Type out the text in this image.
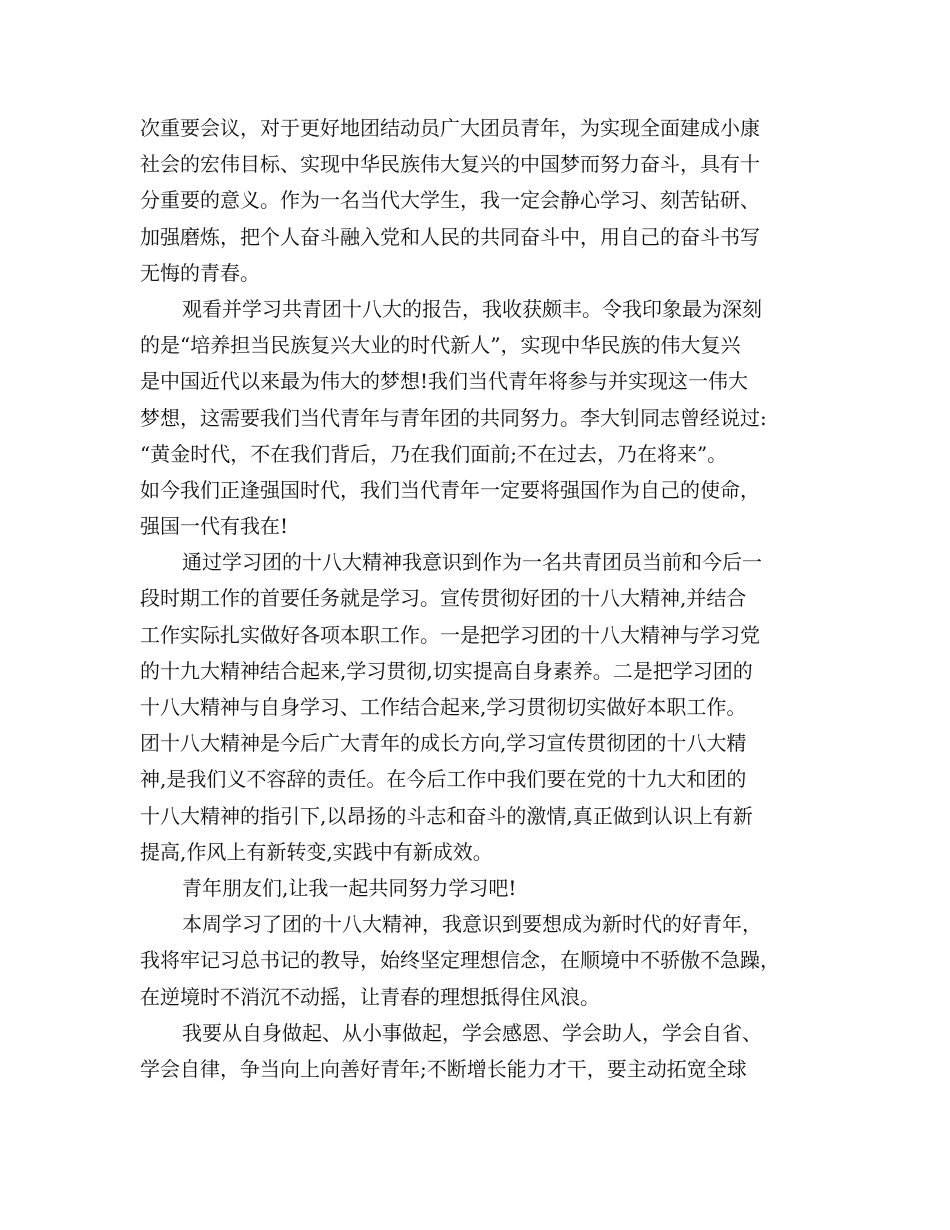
次重要会议，对于更好地团结动员广大团员青年，为实现全面建成小康
社会的宏伟目标、实现中华民族伟大复兴的中国梦而努力奋斗，具有十
分重要的意义。作为一名当代大学生，我一定会静心学习、刻苦钻研、
加强磨炼，把个人奋斗融入党和人民的共同奋斗中，用自己的奋斗书写
无悔的青春。
观看并学习共青团十八大的报告，我收获颇丰。令我印象最为深刻
的是“培养担当民族复兴大业的时代新人”，实现中华民族的伟大复兴
是中国近代以来最为伟大的梦想!我们当代青年将参与并实现这一伟大
梦想，这需要我们当代青年与青年团的共同努力。李大钊同志曾经说过:
“黄金时代，不在我们背后，乃在我们面前;不在过去，乃在将来”。
如今我们正逢强国时代，我们当代青年一定要将强国作为自己的使命，
强国一代有我在!
通过学习团的十八大精神我意识到作为一名共青团员当前和今后一
段时期工作的首要任务就是学习。宣传贯彻好团的十八大精神,并结合
工作实际扎实做好各项本职工作。一是把学习团的十八大精神与学习党
的十九大精神结合起来,学习贯彻,切实提高自身素养。二是把学习团的
十八大精神与自身学习、工作结合起来,学习贯彻切实做好本职工作。
团十八大精神是今后广大青年的成长方向,学习宣传贯彻团的十八大精
神,是我们义不容辞的责任。在今后工作中我们要在党的十九大和团的
十八大精神的指引下,以昂扬的斗志和奋斗的激情,真正做到认识上有新
提高,作风上有新转变,实践中有新成效。
青年朋友们,让我一起共同努力学习吧!
本周学习了团的十八大精神，我意识到要想成为新时代的好青年，
我将牢记习总书记的教导，始终坚定理想信念，在顺境中不骄傲不急躁，
在逆境时不消沉不动摇，让青春的理想抵得住风浪。
我要从自身做起、从小事做起，学会感恩、学会助人，学会自省、
学会自律，争当向上向善好青年;不断增长能力才干，要主动拓宽全球
